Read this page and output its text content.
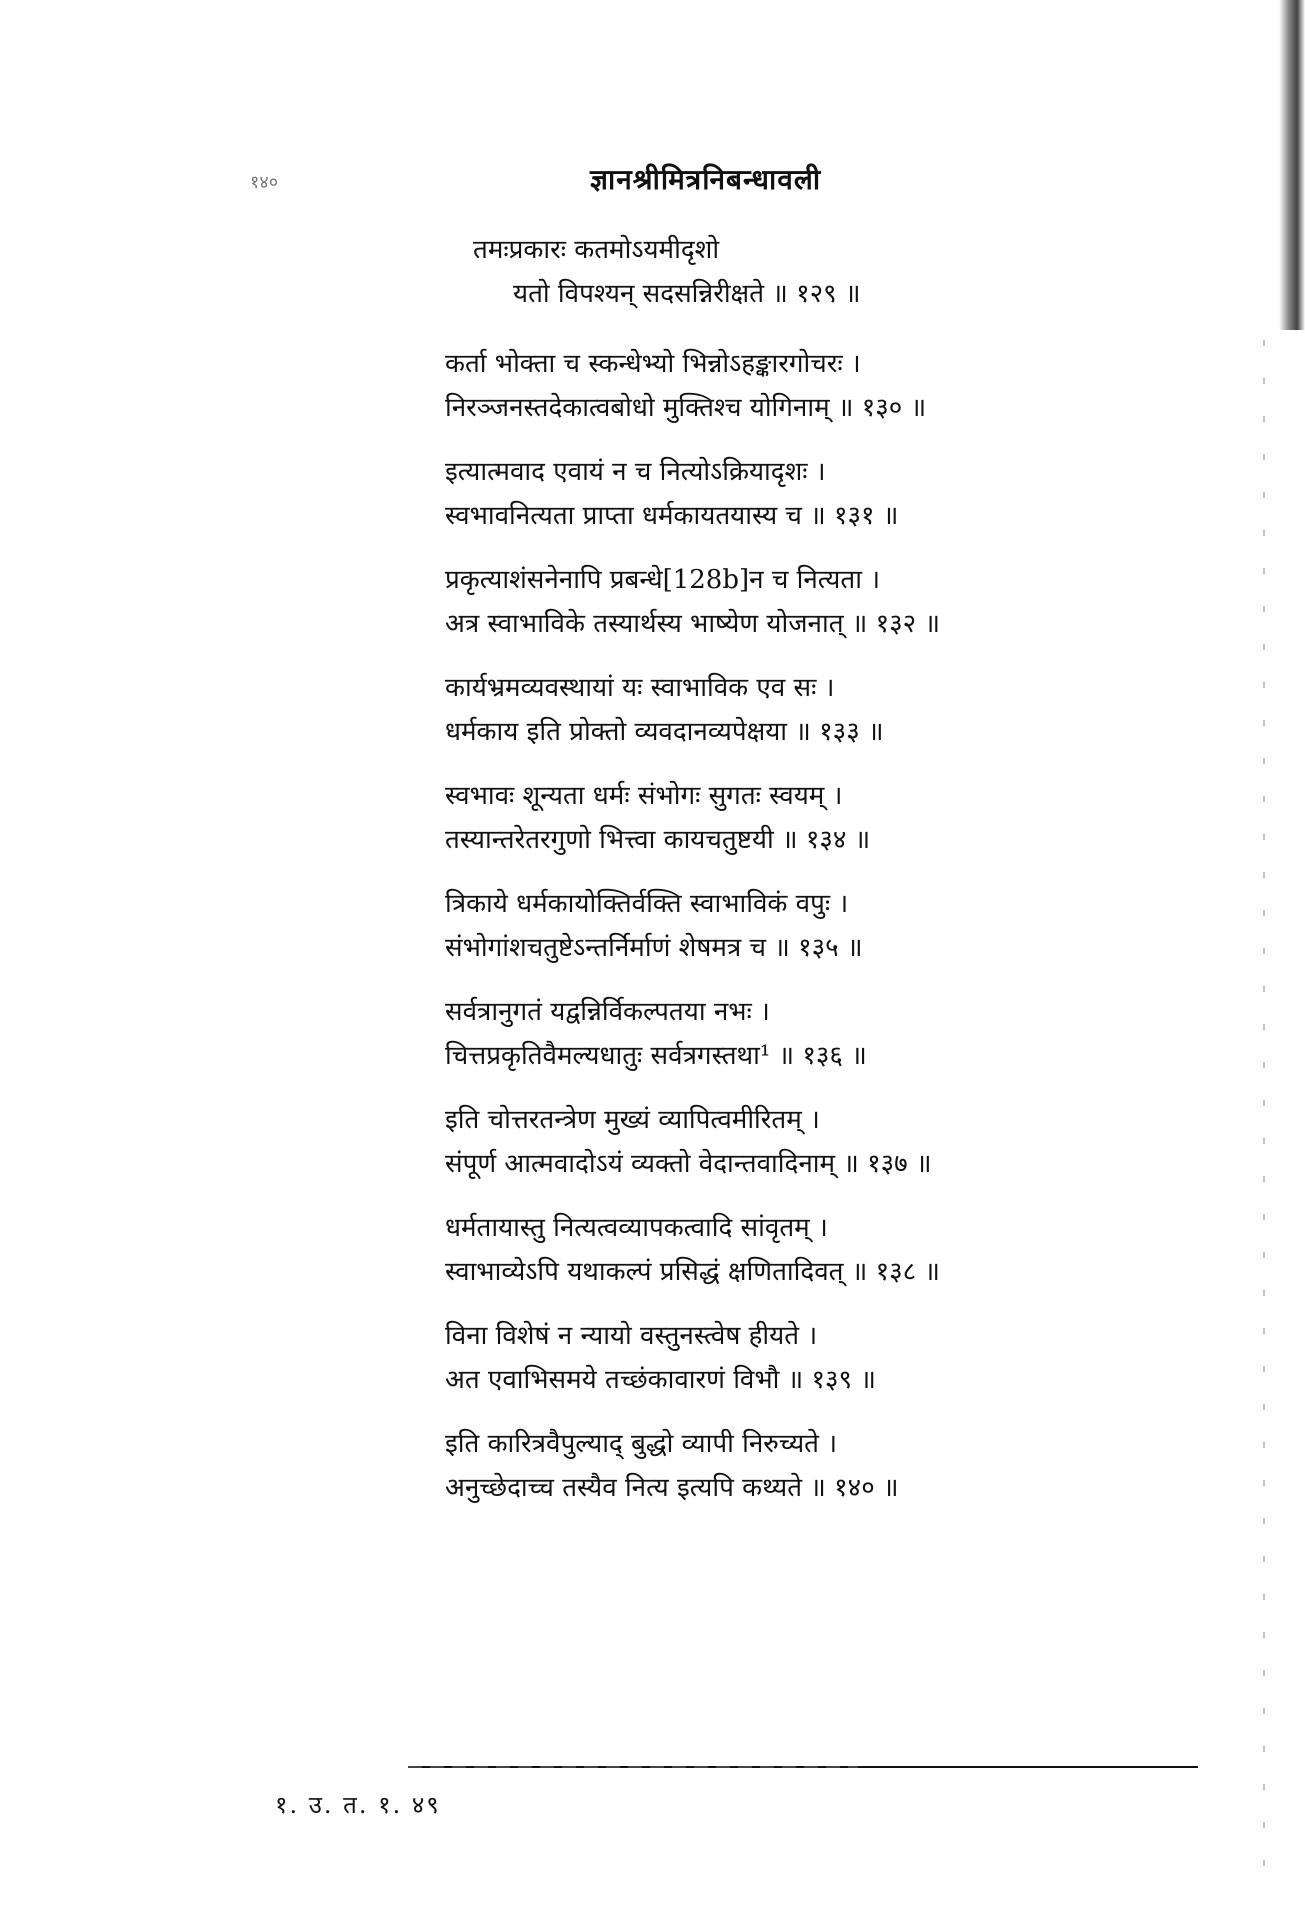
१४०	ज्ञानश्रीमित्रनिबन्धावली
तमःप्रकारः कतमोऽयमीदृशो
यतो विपश्यन् सदसन्निरीक्षते ॥ १२९ ॥
कर्ता भोक्ता च स्कन्धेभ्यो भिन्नोऽहङ्कारगोचरः ।
निरञ्जनस्तदेकात्वबोधो मुक्तिश्च योगिनाम् ॥ १३० ॥
इत्यात्मवाद एवायं न च नित्योऽक्रियादृशः ।
स्वभावनित्यता प्राप्ता धर्मकायतयास्य च ॥ १३१ ॥
प्रकृत्याशंसनेनापि प्रबन्धे[128b]न च नित्यता ।
अत्र स्वाभाविके तस्यार्थस्य भाष्येण योजनात् ॥ १३२ ॥
कार्यभ्रमव्यवस्थायां यः स्वाभाविक एव सः ।
धर्मकाय इति प्रोक्तो व्यवदानव्यपेक्षया ॥ १३३ ॥
स्वभावः शून्यता धर्मः संभोगः सुगतः स्वयम् ।
तस्यान्तरेतरगुणो भित्त्वा कायचतुष्टयी ॥ १३४ ॥
त्रिकाये धर्मकायोक्तिर्वक्ति स्वाभाविकं वपुः ।
संभोगांशचतुष्टेऽन्तर्निर्माणं शेषमत्र च ॥ १३५ ॥
सर्वत्रानुगतं यद्वन्निर्विकल्पतया नभः ।
चित्तप्रकृतिवैमल्यधातुः सर्वत्रगस्तथा¹ ॥ १३६ ॥
इति चोत्तरतन्त्रेण मुख्यं व्यापित्वमीरितम् ।
संपूर्ण आत्मवादोऽयं व्यक्तो वेदान्तवादिनाम् ॥ १३७ ॥
धर्मतायास्तु नित्यत्वव्यापकत्वादि सांवृतम् ।
स्वाभाव्येऽपि यथाकल्पं प्रसिद्धं क्षणितादिवत् ॥ १३८ ॥
विना विशेषं न न्यायो वस्तुनस्त्वेष हीयते ।
अत एवाभिसमये तच्छंकावारणं विभौ ॥ १३९ ॥
इति कारित्रवैपुल्याद् बुद्धो व्यापी निरुच्यते ।
अनुच्छेदाच्च तस्यैव नित्य इत्यपि कथ्यते ॥ १४० ॥
१. उ. त. १. ४९
